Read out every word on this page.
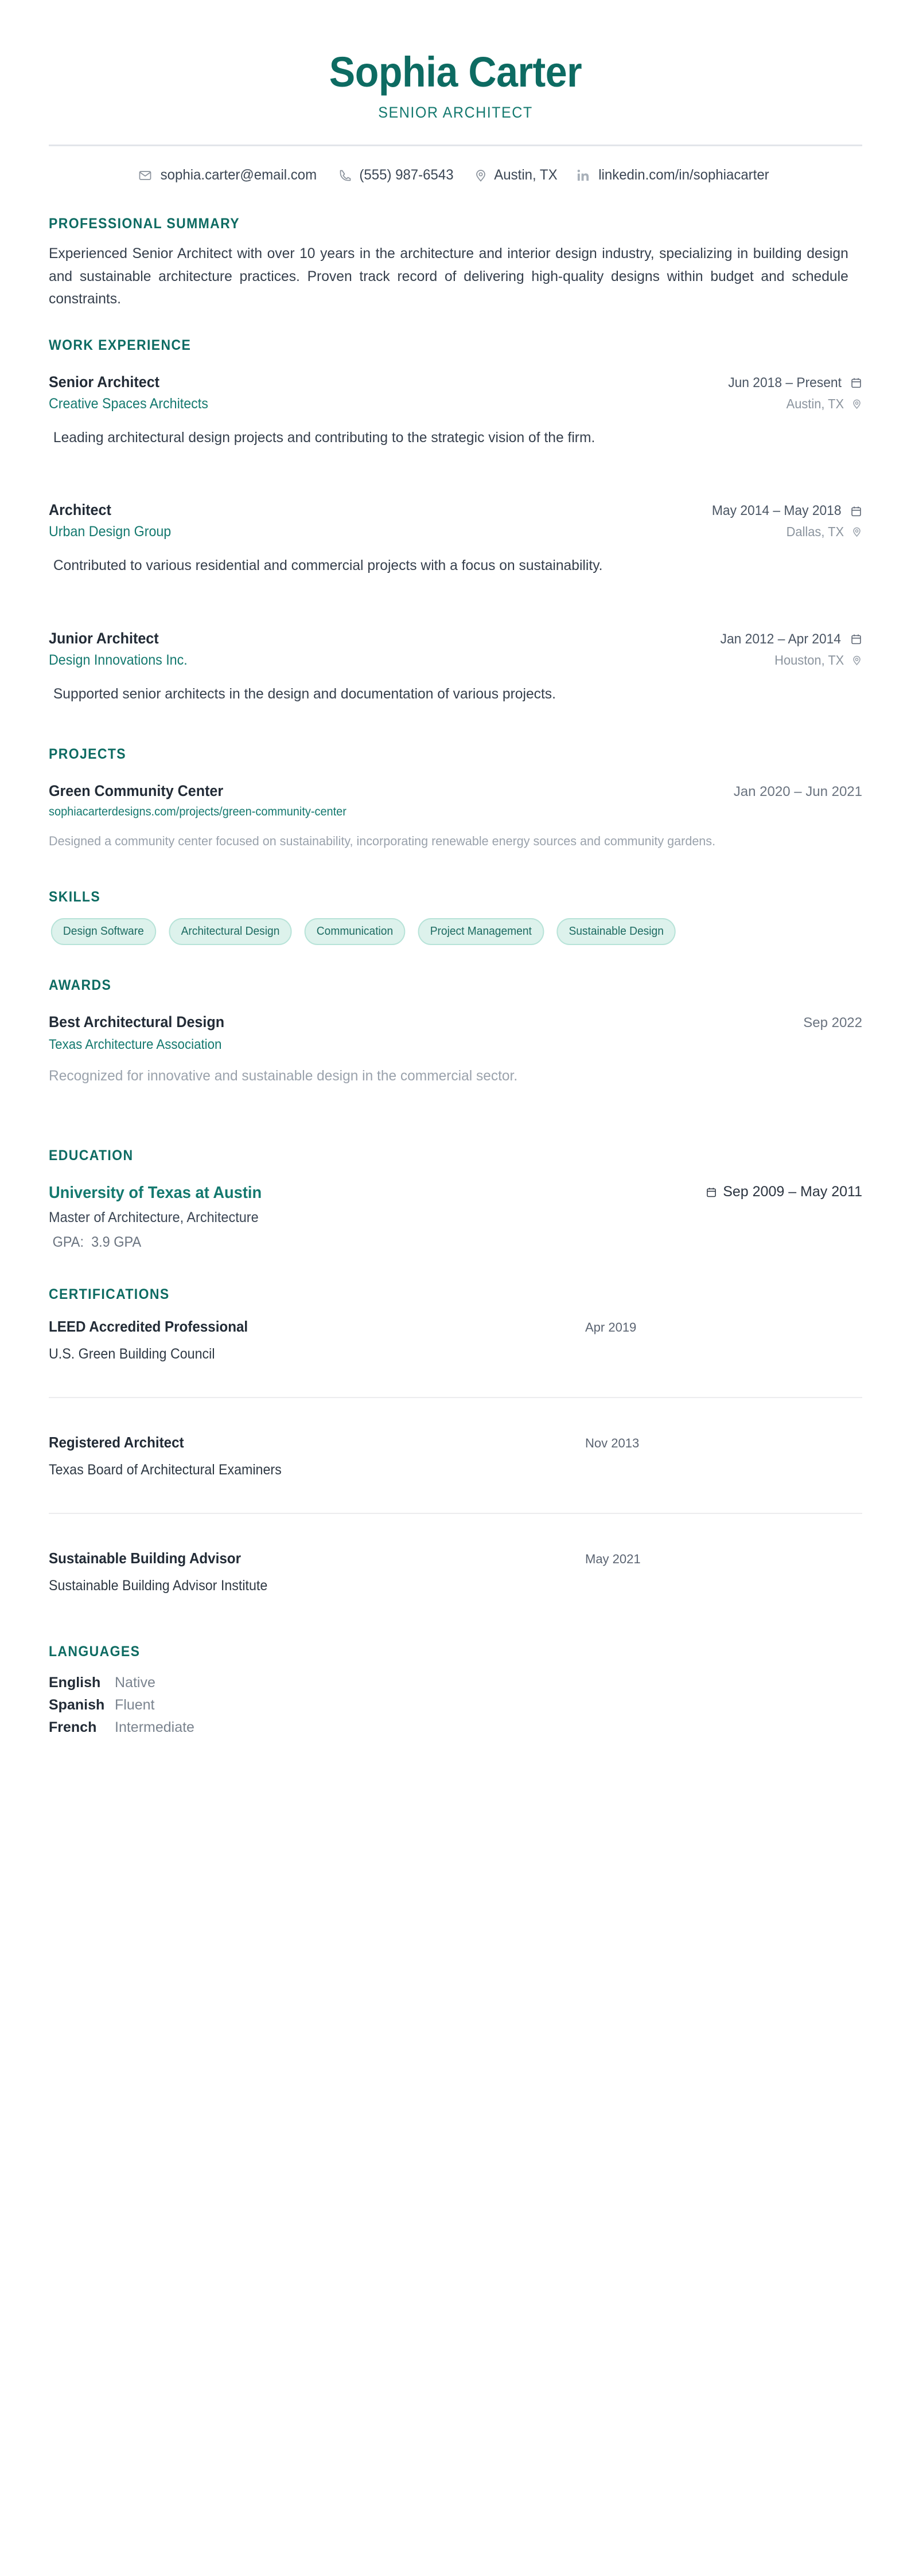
Sophia Carter
SENIOR ARCHITECT
sophia.carter@email.com	(555) 987-6543	Austin, TX	linkedin.com/in/sophiacarter
PROFESSIONAL SUMMARY
Experienced Senior Architect with over 10 years in the architecture and interior design industry, specializing in building design and sustainable architecture practices. Proven track record of delivering high-quality designs within budget and schedule constraints.
WORK EXPERIENCE
Senior Architect	Jun 2018 – Present
Creative Spaces Architects	Austin, TX
Leading architectural design projects and contributing to the strategic vision of the firm.
Architect	May 2014 – May 2018
Urban Design Group	Dallas, TX
Contributed to various residential and commercial projects with a focus on sustainability.
Junior Architect	Jan 2012 – Apr 2014
Design Innovations Inc.	Houston, TX
Supported senior architects in the design and documentation of various projects.
PROJECTS
Green Community Center	Jan 2020 – Jun 2021
sophiacarterdesigns.com/projects/green-community-center
Designed a community center focused on sustainability, incorporating renewable energy sources and community gardens.
SKILLS
Design Software	Architectural Design	Communication	Project Management	Sustainable Design
AWARDS
Best Architectural Design	Sep 2022
Texas Architecture Association
Recognized for innovative and sustainable design in the commercial sector.
EDUCATION
University of Texas at Austin	Sep 2009 – May 2011
Master of Architecture, Architecture
GPA: 3.9 GPA
CERTIFICATIONS
LEED Accredited Professional	Apr 2019
U.S. Green Building Council
Registered Architect	Nov 2013
Texas Board of Architectural Examiners
Sustainable Building Advisor	May 2021
Sustainable Building Advisor Institute
LANGUAGES
English	Native
Spanish	Fluent
French	Intermediate
